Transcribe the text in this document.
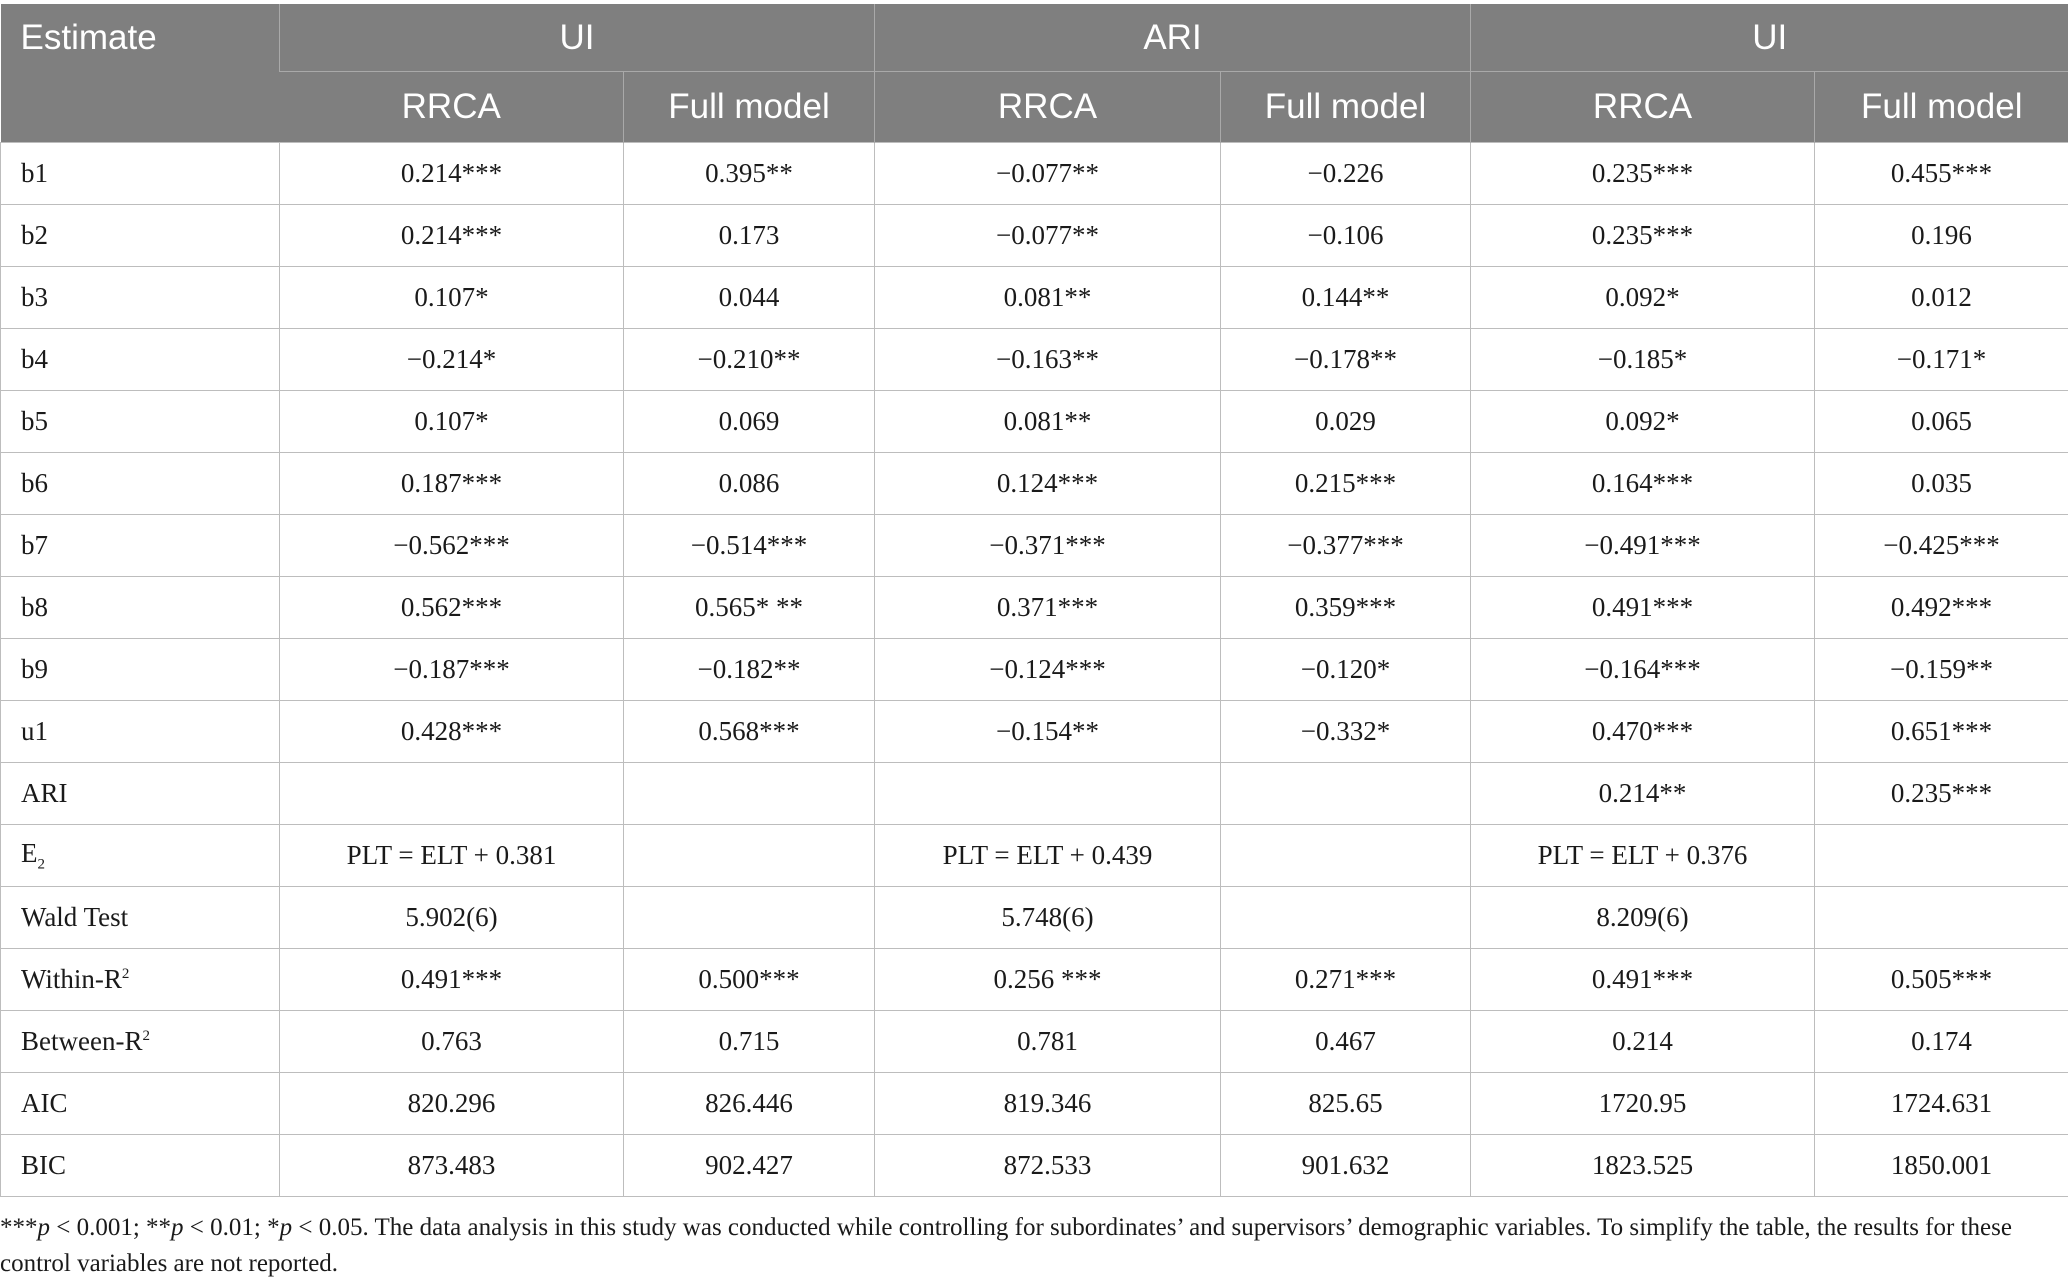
Estimate	UI		ARI		UI	
	RRCA	Full model	RRCA	Full model	RRCA	Full model
b1	0.214***	0.395**	−0.077**	−0.226	0.235***	0.455***
b2	0.214***	0.173	−0.077**	−0.106	0.235***	0.196
b3	0.107*	0.044	0.081**	0.144**	0.092*	0.012
b4	−0.214*	−0.210**	−0.163**	−0.178**	−0.185*	−0.171*
b5	0.107*	0.069	0.081**	0.029	0.092*	0.065
b6	0.187***	0.086	0.124***	0.215***	0.164***	0.035
b7	−0.562***	−0.514***	−0.371***	−0.377***	−0.491***	−0.425***
b8	0.562***	0.565* **	0.371***	0.359***	0.491***	0.492***
b9	−0.187***	−0.182**	−0.124***	−0.120*	−0.164***	−0.159**
u1	0.428***	0.568***	−0.154**	−0.332*	0.470***	0.651***
ARI					0.214**	0.235***
$E_2$	PLT = ELT + 0.381		PLT = ELT + 0.439		PLT = ELT + 0.376	
Wald Test	5.902(6)		5.748(6)		8.209(6)	
Within-$R^2$	0.491***	0.500***	0.256 ***	0.271***	0.491***	0.505***
Between-$R^2$	0.763	0.715	0.781	0.467	0.214	0.174
AIC	820.296	826.446	819.346	825.65	1720.95	1724.631
BIC	873.483	902.427	872.533	901.632	1823.525	1850.001
***p < 0.001; **p < 0.01; *p < 0.05. The data analysis in this study was conducted while controlling for subordinates’ and supervisors’ demographic variables. To simplify the table, the results for these control variables are not reported.
